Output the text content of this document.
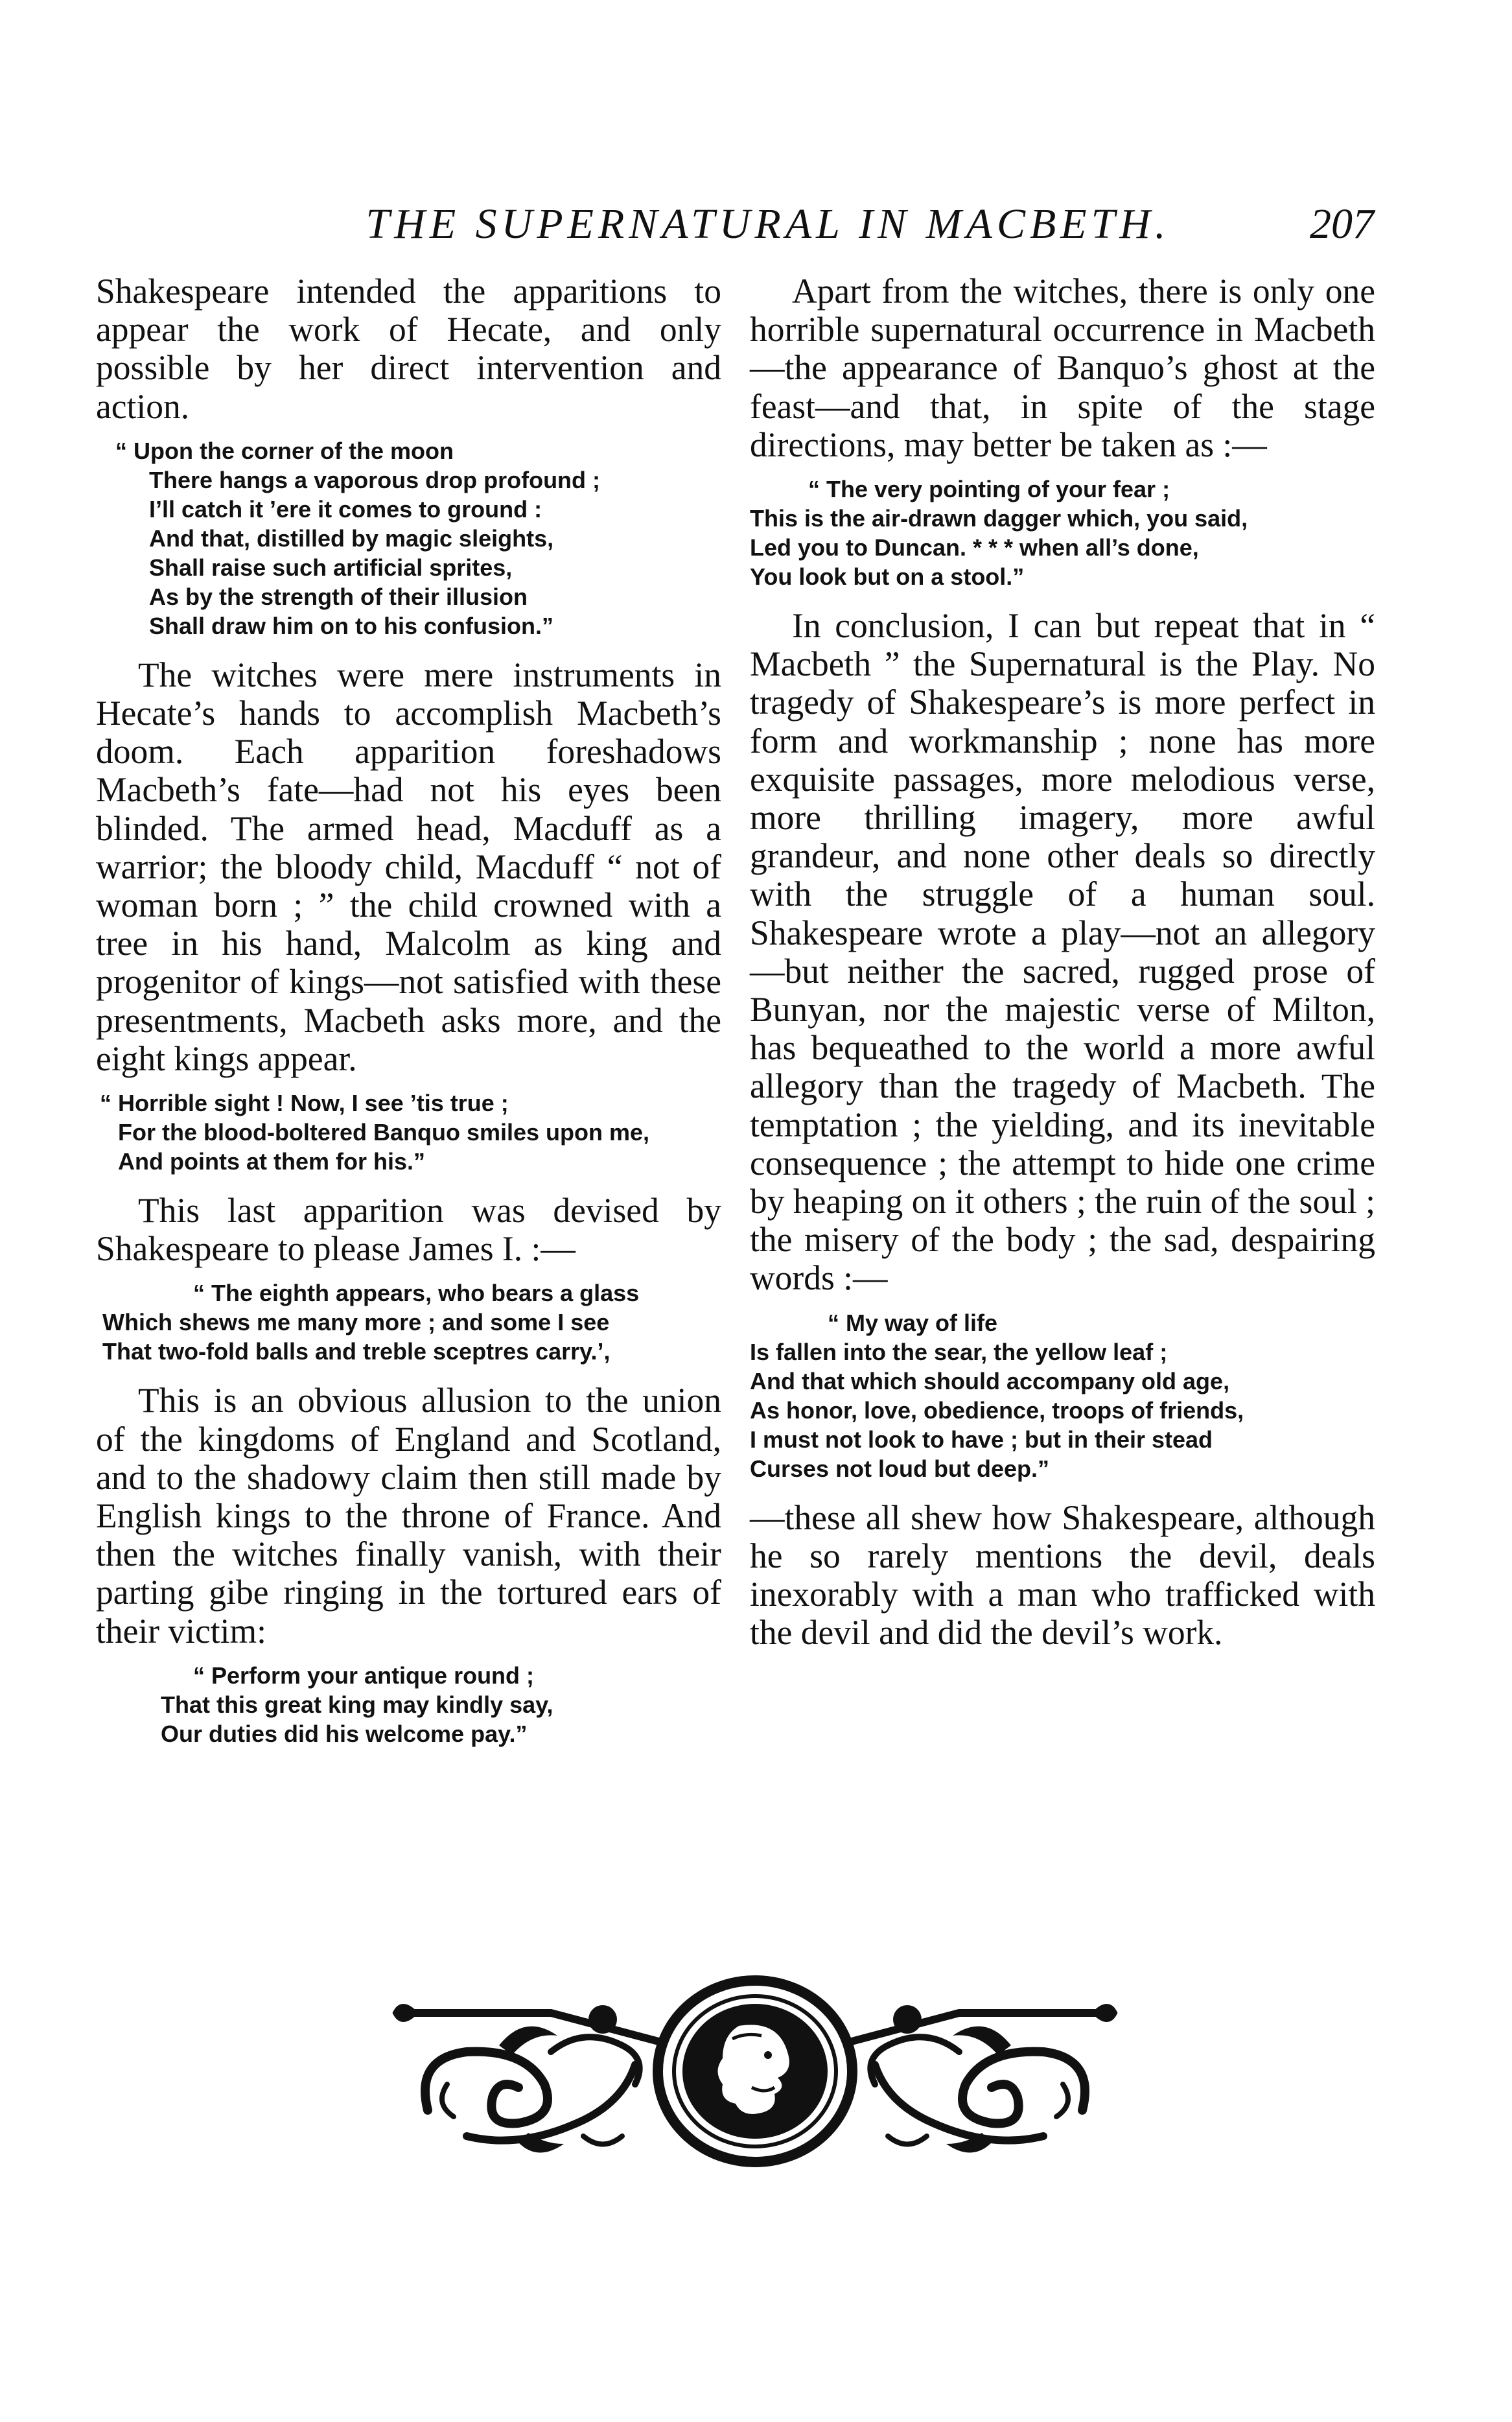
THE SUPERNATURAL IN MACBETH.	207

Shakespeare intended the apparitions to appear the work of Hecate, and only possible by her direct intervention and action.

“ Upon the corner of the moon
There hangs a vaporous drop profound ;
I’ll catch it ’ere it comes to ground :
And that, distilled by magic sleights,
Shall raise such artificial sprites,
As by the strength of their illusion
Shall draw him on to his confusion.”

The witches were mere instruments in Hecate’s hands to accomplish Macbeth’s doom. Each apparition foreshadows Macbeth’s fate—had not his eyes been blinded. The armed head, Macduff as a warrior; the bloody child, Macduff “ not of woman born ; ” the child crowned with a tree in his hand, Malcolm as king and progenitor of kings—not satisfied with these presentments, Macbeth asks more, and the eight kings appear.

“ Horrible sight ! Now, I see ’tis true ;
For the blood-boltered Banquo smiles upon me,
And points at them for his.”

This last apparition was devised by Shakespeare to please James I. :—

“ The eighth appears, who bears a glass
Which shews me many more ; and some I see
That two-fold balls and treble sceptres carry.’,

This is an obvious allusion to the union of the kingdoms of England and Scotland, and to the shadowy claim then still made by English kings to the throne of France. And then the witches finally vanish, with their parting gibe ringing in the tortured ears of their victim:

“ Perform your antique round ;
That this great king may kindly say,
Our duties did his welcome pay.”

Apart from the witches, there is only one horrible supernatural occurrence in Macbeth—the appearance of Banquo’s ghost at the feast—and that, in spite of the stage directions, may better be taken as :—

“ The very pointing of your fear ;
This is the air-drawn dagger which, you said,
Led you to Duncan. * * * when all’s done,
You look but on a stool.”

In conclusion, I can but repeat that in “ Macbeth ” the Supernatural is the Play. No tragedy of Shakespeare’s is more perfect in form and workmanship ; none has more exquisite passages, more melodious verse, more thrilling imagery, more awful grandeur, and none other deals so directly with the struggle of a human soul. Shakespeare wrote a play—not an allegory—but neither the sacred, rugged prose of Bunyan, nor the majestic verse of Milton, has bequeathed to the world a more awful allegory than the tragedy of Macbeth. The temptation ; the yielding, and its inevitable consequence ; the attempt to hide one crime by heaping on it others ; the ruin of the soul ; the misery of the body ; the sad, despairing words :—

“ My way of life
Is fallen into the sear, the yellow leaf ;
And that which should accompany old age,
As honor, love, obedience, troops of friends,
I must not look to have ; but in their stead
Curses not loud but deep.”

—these all shew how Shakespeare, although he so rarely mentions the devil, deals inexorably with a man who trafficked with the devil and did the devil’s work.
